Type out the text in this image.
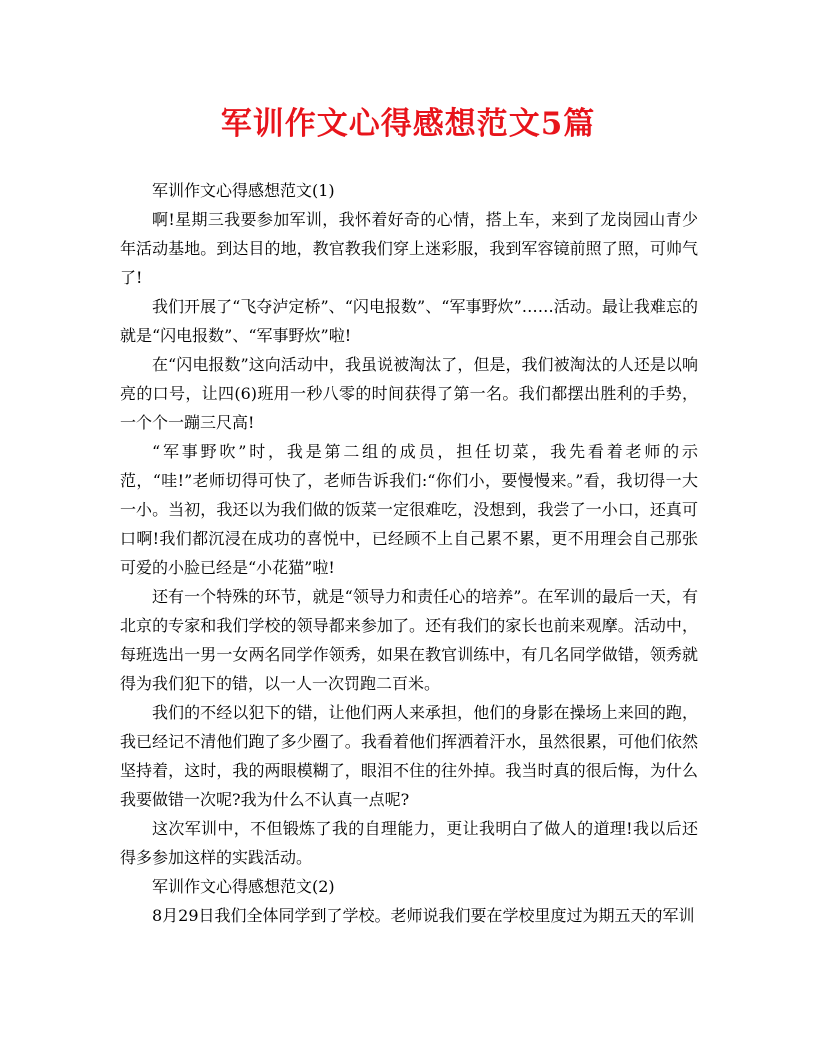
军训作文心得感想范文5篇

军训作文心得感想范文(1)

啊!星期三我要参加军训，我怀着好奇的心情，搭上车，来到了龙岗园山青少年活动基地。到达目的地，教官教我们穿上迷彩服，我到军容镜前照了照，可帅气了!

我们开展了“飞夺泸定桥”、“闪电报数”、“军事野炊”……活动。最让我难忘的就是“闪电报数”、“军事野炊”啦!

在“闪电报数”这向活动中，我虽说被淘汰了，但是，我们被淘汰的人还是以响亮的口号，让四(6)班用一秒八零的时间获得了第一名。我们都摆出胜利的手势，一个个一蹦三尺高!

“军事野吹”时，我是第二组的成员，担任切菜，我先看着老师的示范，“哇!”老师切得可快了，老师告诉我们:“你们小，要慢慢来。”看，我切得一大一小。当初，我还以为我们做的饭菜一定很难吃，没想到，我尝了一小口，还真可口啊!我们都沉浸在成功的喜悦中，已经顾不上自己累不累，更不用理会自己那张可爱的小脸已经是“小花猫”啦!

还有一个特殊的环节，就是“领导力和责任心的培养”。在军训的最后一天，有北京的专家和我们学校的领导都来参加了。还有我们的家长也前来观摩。活动中，每班选出一男一女两名同学作领秀，如果在教官训练中，有几名同学做错，领秀就得为我们犯下的错，以一人一次罚跑二百米。

我们的不经以犯下的错，让他们两人来承担，他们的身影在操场上来回的跑，我已经记不清他们跑了多少圈了。我看着他们挥洒着汗水，虽然很累，可他们依然坚持着，这时，我的两眼模糊了，眼泪不住的往外掉。我当时真的很后悔，为什么我要做错一次呢?我为什么不认真一点呢?

这次军训中，不但锻炼了我的自理能力，更让我明白了做人的道理!我以后还得多参加这样的实践活动。

军训作文心得感想范文(2)

8月29日我们全体同学到了学校。老师说我们要在学校里度过为期五天的军训
